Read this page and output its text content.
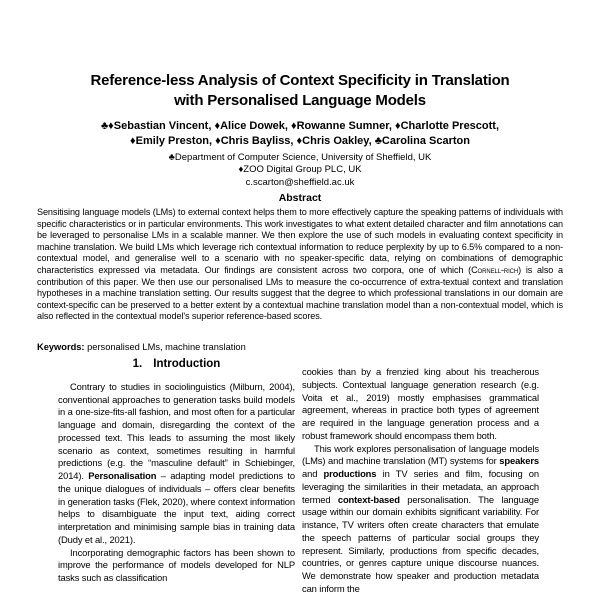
Reference-less Analysis of Context Specificity in Translation
with Personalised Language Models
♣♦Sebastian Vincent, ♦Alice Dowek, ♦Rowanne Sumner, ♦Charlotte Prescott,
♦Emily Preston, ♦Chris Bayliss, ♦Chris Oakley, ♣Carolina Scarton
♣Department of Computer Science, University of Sheffield, UK
♦ZOO Digital Group PLC, UK
c.scarton@sheffield.ac.uk
Abstract
Sensitising language models (LMs) to external context helps them to more effectively capture the speaking patterns of individuals with specific characteristics or in particular environments. This work investigates to what extent detailed character and film annotations can be leveraged to personalise LMs in a scalable manner. We then explore the use of such models in evaluating context specificity in machine translation. We build LMs which leverage rich contextual information to reduce perplexity by up to 6.5% compared to a non-contextual model, and generalise well to a scenario with no speaker-specific data, relying on combinations of demographic characteristics expressed via metadata. Our findings are consistent across two corpora, one of which (Cornell-rich) is also a contribution of this paper. We then use our personalised LMs to measure the co-occurrence of extra-textual context and translation hypotheses in a machine translation setting. Our results suggest that the degree to which professional translations in our domain are context-specific can be preserved to a better extent by a contextual machine translation model than a non-contextual model, which is also reflected in the contextual model's superior reference-based scores.
Keywords: personalised LMs, machine translation
1. Introduction

Contrary to studies in sociolinguistics (Milburn, 2004), conventional approaches to generation tasks build models in a one-size-fits-all fashion, and most often for a particular language and domain, disregarding the context of the processed text. This leads to assuming the most likely scenario as context, sometimes resulting in harmful predictions (e.g. the “masculine default” in Schiebinger, 2014). Personalisation – adapting model predictions to the unique dialogues of individuals – offers clear benefits in generation tasks (Flek, 2020), where context information helps to disambiguate the input text, aiding correct interpretation and minimising sample bias in training data (Dudy et al., 2021).

Incorporating demographic factors has been shown to improve the performance of models developed for NLP tasks such as classification

cookies than by a frenzied king about his treacherous subjects. Contextual language generation research (e.g. Voita et al., 2019) mostly emphasises grammatical agreement, whereas in practice both types of agreement are required in the language generation process and a robust framework should encompass them both.

This work explores personalisation of language models (LMs) and machine translation (MT) systems for speakers and productions in TV series and film, focusing on leveraging the similarities in their metadata, an approach termed context-based personalisation. The language usage within our domain exhibits significant variability. For instance, TV writers often create characters that emulate the speech patterns of particular social groups they represent. Similarly, productions from specific decades, countries, or genres capture unique discourse nuances. We demonstrate how speaker and production metadata can inform the
